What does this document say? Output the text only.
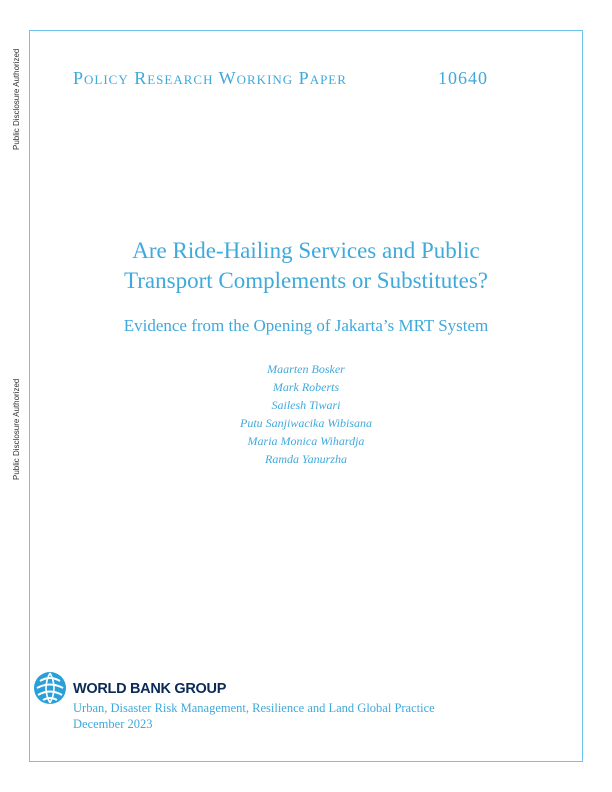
Public Disclosure Authorized
Public Disclosure Authorized
Policy Research Working Paper	10640
Are Ride-Hailing Services and Public
Transport Complements or Substitutes?
Evidence from the Opening of Jakarta’s MRT System
Maarten Bosker
Mark Roberts
Sailesh Tiwari
Putu Sanjiwacika Wibisana
Maria Monica Wihardja
Ramda Yanurzha
WORLD BANK GROUP
Urban, Disaster Risk Management, Resilience and Land Global Practice
December 2023
